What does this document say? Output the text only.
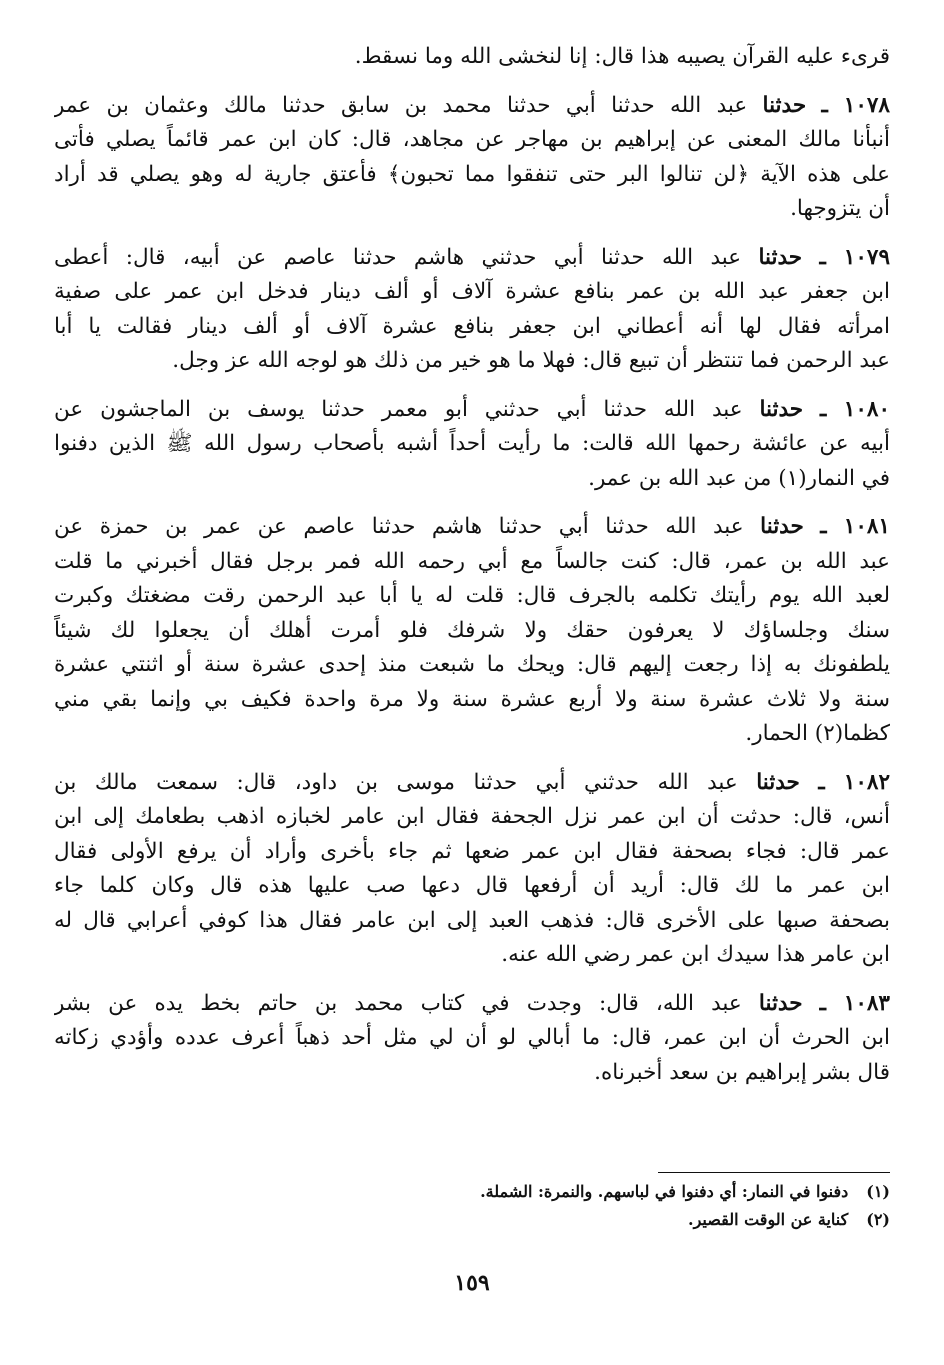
قرىء عليه القرآن يصيبه هذا قال: إنا لنخشى الله وما نسقط.
١٠٧٨ ـ حدثنا عبد الله حدثنا أبي حدثنا محمد بن سابق حدثنا مالك وعثمان بن عمر
أنبأنا مالك المعنى عن إبراهيم بن مهاجر عن مجاهد، قال: كان ابن عمر قائماً يصلي فأتى
على هذه الآية ﴿لن تنالوا البر حتى تنفقوا مما تحبون﴾ فأعتق جارية له وهو يصلي قد أراد
أن يتزوجها.
١٠٧٩ ـ حدثنا عبد الله حدثنا أبي حدثني هاشم حدثنا عاصم عن أبيه، قال: أعطى
ابن جعفر عبد الله بن عمر بنافع عشرة آلاف أو ألف دينار فدخل ابن عمر على صفية
امرأته فقال لها أنه أعطاني ابن جعفر بنافع عشرة آلاف أو ألف دينار فقالت يا أبا
عبد الرحمن فما تنتظر أن تبيع قال: فهلا ما هو خير من ذلك هو لوجه الله عز وجل.
١٠٨٠ ـ حدثنا عبد الله حدثنا أبي حدثني أبو معمر حدثنا يوسف بن الماجشون عن
أبيه عن عائشة رحمها الله قالت: ما رأيت أحداً أشبه بأصحاب رسول الله ﷺ الذين دفنوا
في النمار(١) من عبد الله بن عمر.
١٠٨١ ـ حدثنا عبد الله حدثنا أبي حدثنا هاشم حدثنا عاصم عن عمر بن حمزة عن
عبد الله بن عمر، قال: كنت جالساً مع أبي رحمه الله فمر برجل فقال أخبرني ما قلت
لعبد الله يوم رأيتك تكلمه بالجرف قال: قلت له يا أبا عبد الرحمن رقت مضغتك وكبرت
سنك وجلساؤك لا يعرفون حقك ولا شرفك فلو أمرت أهلك أن يجعلوا لك شيئاً
يلطفونك به إذا رجعت إليهم قال: ويحك ما شبعت منذ إحدى عشرة سنة أو اثنتي عشرة
سنة ولا ثلاث عشرة سنة ولا أربع عشرة سنة ولا مرة واحدة فكيف بي وإنما بقي مني
كظما(٢) الحمار.
١٠٨٢ ـ حدثنا عبد الله حدثني أبي حدثنا موسى بن داود، قال: سمعت مالك بن
أنس، قال: حدثت أن ابن عمر نزل الجحفة فقال ابن عامر لخبازه اذهب بطعامك إلى ابن
عمر قال: فجاء بصحفة فقال ابن عمر ضعها ثم جاء بأخرى وأراد أن يرفع الأولى فقال
ابن عمر ما لك قال: أريد أن أرفعها قال دعها صب عليها هذه قال وكان كلما جاء
بصحفة صبها على الأخرى قال: فذهب العبد إلى ابن عامر فقال هذا كوفي أعرابي قال له
ابن عامر هذا سيدك ابن عمر رضي الله عنه.
١٠٨٣ ـ حدثنا عبد الله، قال: وجدت في كتاب محمد بن حاتم بخط يده عن بشر
ابن الحرث أن ابن عمر، قال: ما أبالي لو أن لي مثل أحد ذهباً أعرف عدده وأؤدي زكاته
قال بشر إبراهيم بن سعد أخبرناه.
(١)دفنوا في النمار: أي دفنوا في لباسهم. والنمرة: الشملة.
(٢)كناية عن الوقت القصير.
١٥٩
